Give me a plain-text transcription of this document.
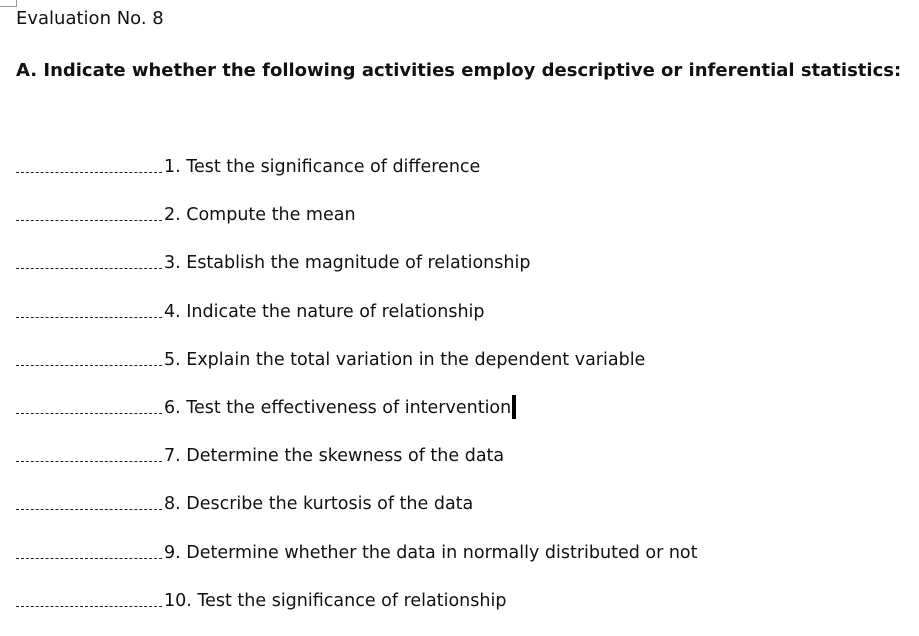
Evaluation No. 8
A. Indicate whether the following activities employ descriptive or inferential statistics:
1. Test the significance of difference
2. Compute the mean
3. Establish the magnitude of relationship
4. Indicate the nature of relationship
5. Explain the total variation in the dependent variable
6. Test the effectiveness of intervention
7. Determine the skewness of the data
8. Describe the kurtosis of the data
9. Determine whether the data in normally distributed or not
10. Test the significance of relationship
